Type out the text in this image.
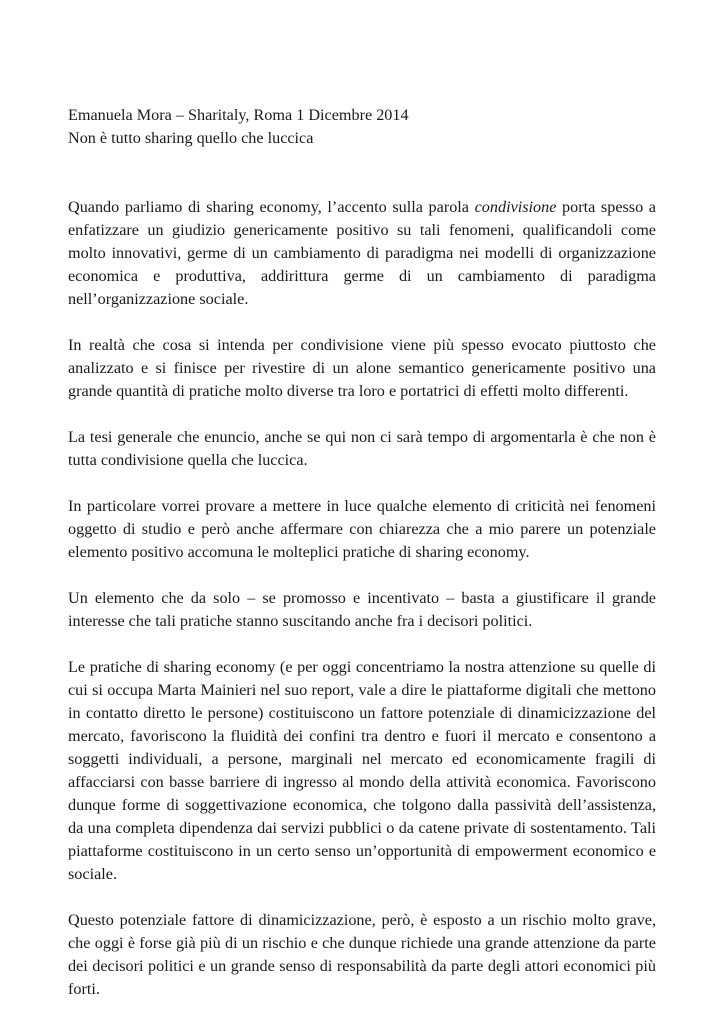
Emanuela Mora – Sharitaly, Roma 1 Dicembre 2014

Non è tutto sharing quello che luccica

Quando parliamo di sharing economy, l’accento sulla parola condivisione porta spesso a enfatizzare un giudizio genericamente positivo su tali fenomeni, qualificandoli come molto innovativi, germe di un cambiamento di paradigma nei modelli di organizzazione economica e produttiva, addirittura germe di un cambiamento di paradigma nell’organizzazione sociale.

In realtà che cosa si intenda per condivisione viene più spesso evocato piuttosto che analizzato e si finisce per rivestire di un alone semantico genericamente positivo una grande quantità di pratiche molto diverse tra loro e portatrici di effetti molto differenti.

La tesi generale che enuncio, anche se qui non ci sarà tempo di argomentarla è che non è tutta condivisione quella che luccica.

In particolare vorrei provare a mettere in luce qualche elemento di criticità nei fenomeni oggetto di studio e però anche affermare con chiarezza che a mio parere un potenziale elemento positivo accomuna le molteplici pratiche di sharing economy.

Un elemento che da solo – se promosso e incentivato – basta a giustificare il grande interesse che tali pratiche stanno suscitando anche fra i decisori politici.

Le pratiche di sharing economy (e per oggi concentriamo la nostra attenzione su quelle di cui si occupa Marta Mainieri nel suo report, vale a dire le piattaforme digitali che mettono in contatto diretto le persone) costituiscono un fattore potenziale di dinamicizzazione del mercato, favoriscono la fluidità dei confini tra dentro e fuori il mercato e consentono a soggetti individuali, a persone, marginali nel mercato ed economicamente fragili di affacciarsi con basse barriere di ingresso al mondo della attività economica. Favoriscono dunque forme di soggettivazione economica, che tolgono dalla passività dell’assistenza, da una completa dipendenza dai servizi pubblici o da catene private di sostentamento. Tali piattaforme costituiscono in un certo senso un’opportunità di empowerment economico e sociale.

Questo potenziale fattore di dinamicizzazione, però, è esposto a un rischio molto grave, che oggi è forse già più di un rischio e che dunque richiede una grande attenzione da parte dei decisori politici e un grande senso di responsabilità da parte degli attori economici più forti.
